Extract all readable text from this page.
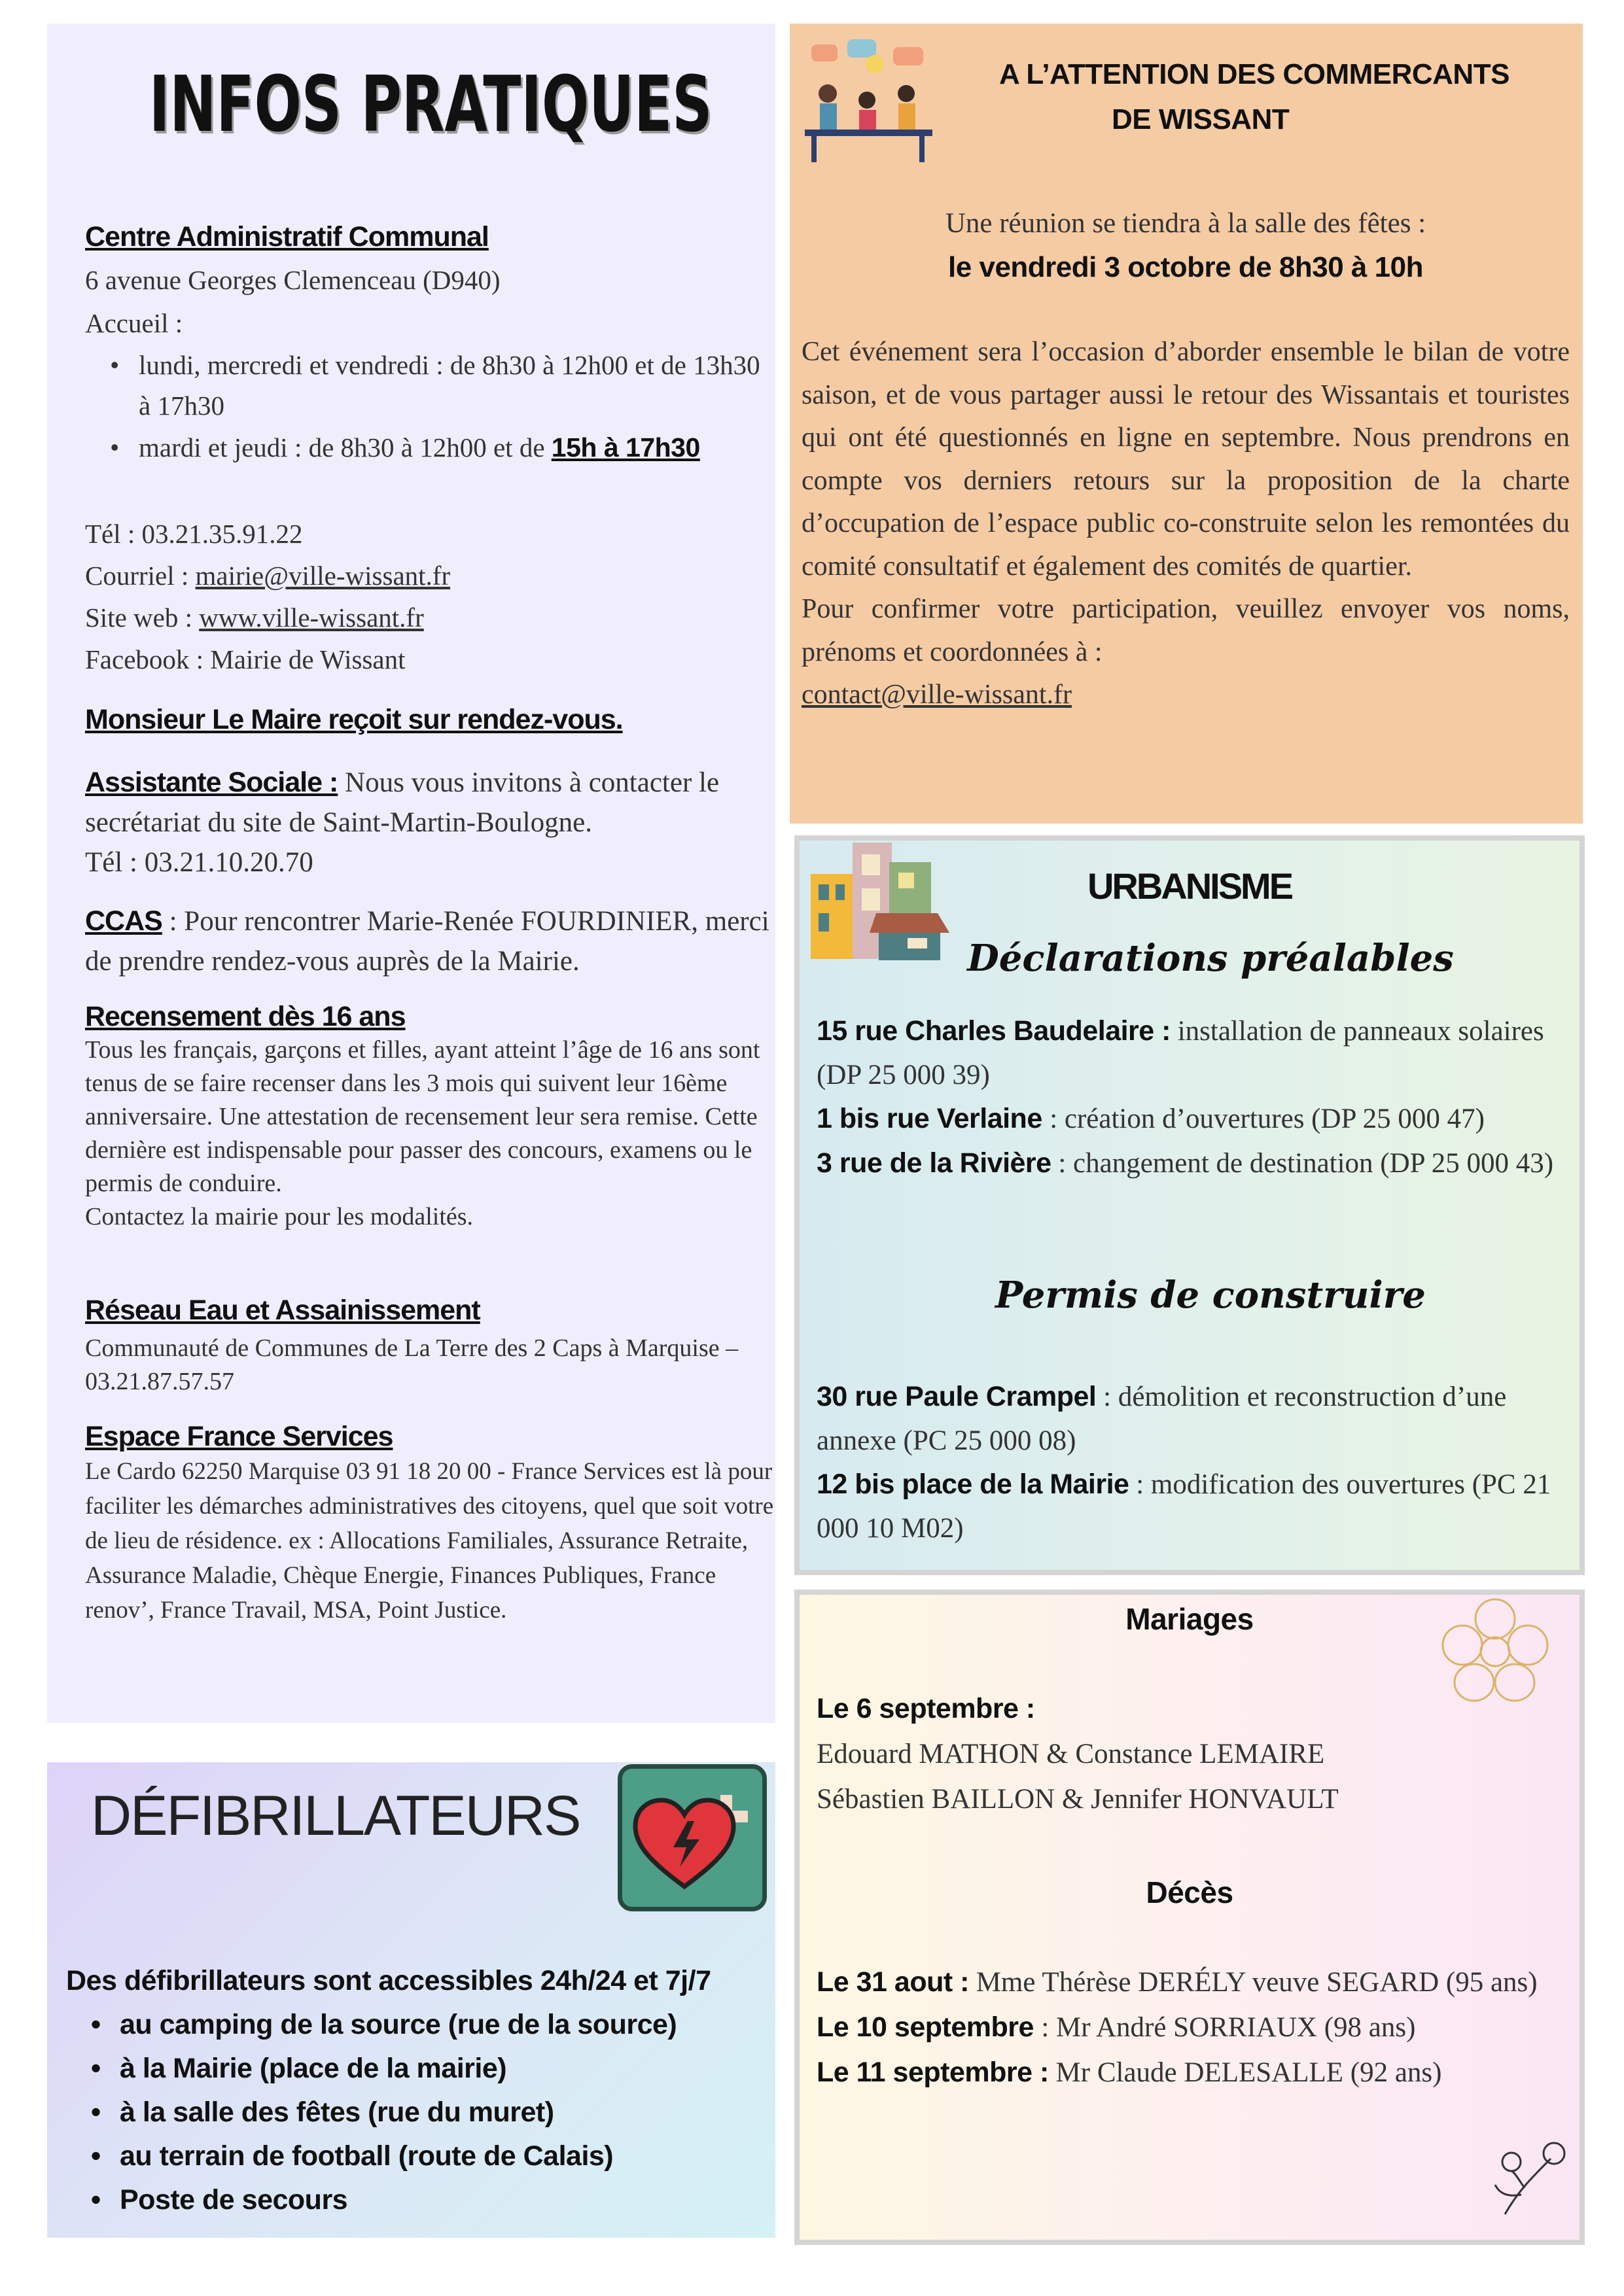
INFOS PRATIQUES
Centre Administratif Communal
6 avenue Georges Clemenceau (D940)
Accueil :
• lundi, mercredi et vendredi : de 8h30 à 12h00 et de 13h30 à 17h30
• mardi et jeudi : de 8h30 à 12h00 et de 15h à 17h30
Tél : 03.21.35.91.22
Courriel : mairie@ville-wissant.fr
Site web : www.ville-wissant.fr
Facebook : Mairie de Wissant
Monsieur Le Maire reçoit sur rendez-vous.
Assistante Sociale : Nous vous invitons à contacter le secrétariat du site de Saint-Martin-Boulogne.
Tél : 03.21.10.20.70
CCAS : Pour rencontrer Marie-Renée FOURDINIER, merci de prendre rendez-vous auprès de la Mairie.
Recensement dès 16 ans
Tous les français, garçons et filles, ayant atteint l’âge de 16 ans sont tenus de se faire recenser dans les 3 mois qui suivent leur 16ème anniversaire. Une attestation de recensement leur sera remise. Cette dernière est indispensable pour passer des concours, examens ou le permis de conduire.
Contactez la mairie pour les modalités.
Réseau Eau et Assainissement
Communauté de Communes de La Terre des 2 Caps à Marquise – 03.21.87.57.57
Espace France Services
Le Cardo 62250 Marquise 03 91 18 20 00 - France Services est là pour faciliter les démarches administratives des citoyens, quel que soit votre de lieu de résidence. ex : Allocations Familiales, Assurance Retraite, Assurance Maladie, Chèque Energie, Finances Publiques, France renov’, France Travail, MSA, Point Justice.
DÉFIBRILLATEURS
Des défibrillateurs sont accessibles 24h/24 et 7j/7
• au camping de la source (rue de la source)
• à la Mairie (place de la mairie)
• à la salle des fêtes (rue du muret)
• au terrain de football (route de Calais)
• Poste de secours
A L’ATTENTION DES COMMERCANTS
DE WISSANT
Une réunion se tiendra à la salle des fêtes :
le vendredi 3 octobre de 8h30 à 10h
Cet événement sera l’occasion d’aborder ensemble le bilan de votre saison, et de vous partager aussi le retour des Wissantais et touristes qui ont été questionnés en ligne en septembre. Nous prendrons en compte vos derniers retours sur la proposition de la charte d’occupation de l’espace public co-construite selon les remontées du comité consultatif et également des comités de quartier.
Pour confirmer votre participation, veuillez envoyer vos noms, prénoms et coordonnées à :
contact@ville-wissant.fr
URBANISME
Déclarations préalables
15 rue Charles Baudelaire : installation de panneaux solaires (DP 25 000 39)
1 bis rue Verlaine : création d’ouvertures (DP 25 000 47)
3 rue de la Rivière : changement de destination (DP 25 000 43)
Permis de construire
30 rue Paule Crampel : démolition et reconstruction d’une annexe (PC 25 000 08)
12 bis place de la Mairie : modification des ouvertures (PC 21 000 10 M02)
Mariages
Le 6 septembre :
Edouard MATHON & Constance LEMAIRE
Sébastien BAILLON & Jennifer HONVAULT
Décès
Le 31 aout : Mme Thérèse DERÉLY veuve SEGARD (95 ans)
Le 10 septembre : Mr André SORRIAUX (98 ans)
Le 11 septembre : Mr Claude DELESALLE (92 ans)
